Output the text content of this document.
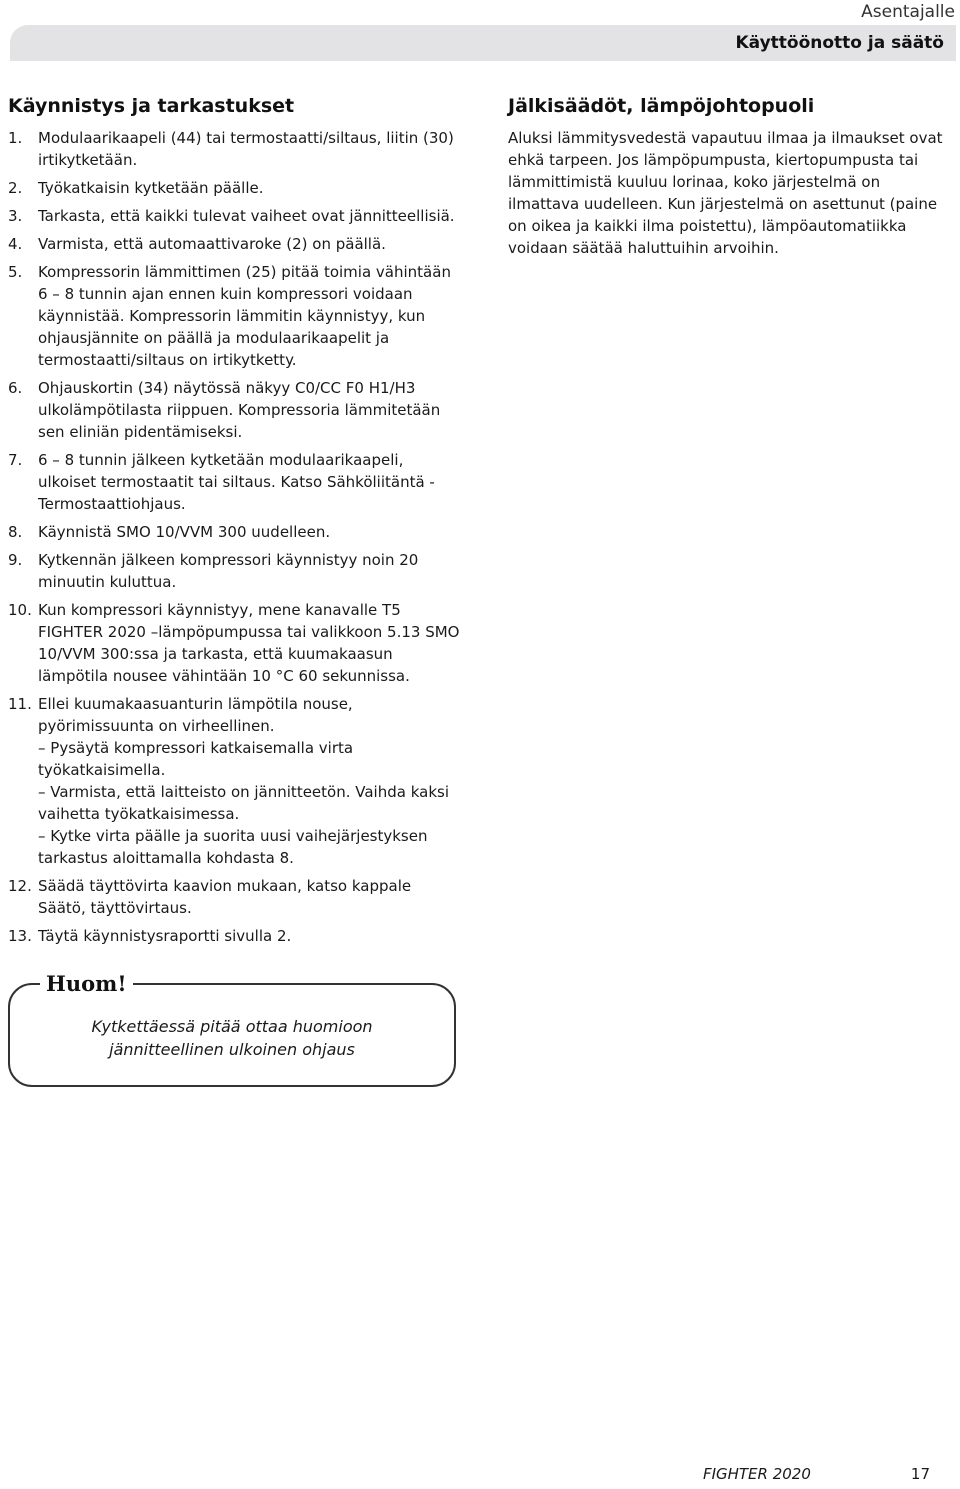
Asentajalle
Käyttöönotto ja säätö
Käynnistys ja tarkastukset
1.	Modulaarikaapeli (44) tai termostaatti/siltaus, liitin (30) irtikytketään.
2.	Työkatkaisin kytketään päälle.
3.	Tarkasta, että kaikki tulevat vaiheet ovat jännitteellisiä.
4.	Varmista, että automaattivaroke (2) on päällä.
5.	Kompressorin lämmittimen (25) pitää toimia vähintään 6 – 8 tunnin ajan ennen kuin kompressori voidaan käynnistää. Kompressorin lämmitin käynnistyy, kun ohjausjännite on päällä ja modulaarikaapelit ja termostaatti/siltaus on irtikytketty.
6.	Ohjauskortin (34) näytössä näkyy C0/CC F0 H1/H3 ulkolämpötilasta riippuen. Kompressoria lämmitetään sen eliniän pidentämiseksi.
7.	6 – 8 tunnin jälkeen kytketään modulaarikaapeli, ulkoiset termostaatit tai siltaus. Katso Sähköliitäntä - Termostaattiohjaus.
8.	Käynnistä SMO 10/VVM 300 uudelleen.
9.	Kytkennän jälkeen kompressori käynnistyy noin 20 minuutin kuluttua.
10. Kun kompressori käynnistyy, mene kanavalle T5 FIGHTER 2020 –lämpöpumpussa tai valikkoon 5.13 SMO 10/VVM 300:ssa ja tarkasta, että kuumakaasun lämpötila nousee vähintään 10 °C 60 sekunnissa.
11. Ellei kuumakaasuanturin lämpötila nouse, pyörimissuunta on virheellinen.
– Pysäytä kompressori katkaisemalla virta työkatkaisimella.
– Varmista, että laitteisto on jännitteetön. Vaihda kaksi vaihetta työkatkaisimessa.
– Kytke virta päälle ja suorita uusi vaihejärjestyksen tarkastus aloittamalla kohdasta 8.
12. Säädä täyttövirta kaavion mukaan, katso kappale Säätö, täyttövirtaus.
13. Täytä käynnistysraportti sivulla 2.
Jälkisäädöt, lämpöjohtopuoli

Aluksi lämmitysvedestä vapautuu ilmaa ja ilmaukset ovat ehkä tarpeen. Jos lämpöpumpusta, kiertopumpusta tai lämmittimistä kuuluu lorinaa, koko järjestelmä on ilmattava uudelleen. Kun järjestelmä on asettunut (paine on oikea ja kaikki ilma poistettu), lämpöautomatiikka voidaan säätää haluttuihin arvoihin.

Huom!
Kytkettäessä pitää ottaa huomioon
jännitteellinen ulkoinen ohjaus
FIGHTER 2020	17
